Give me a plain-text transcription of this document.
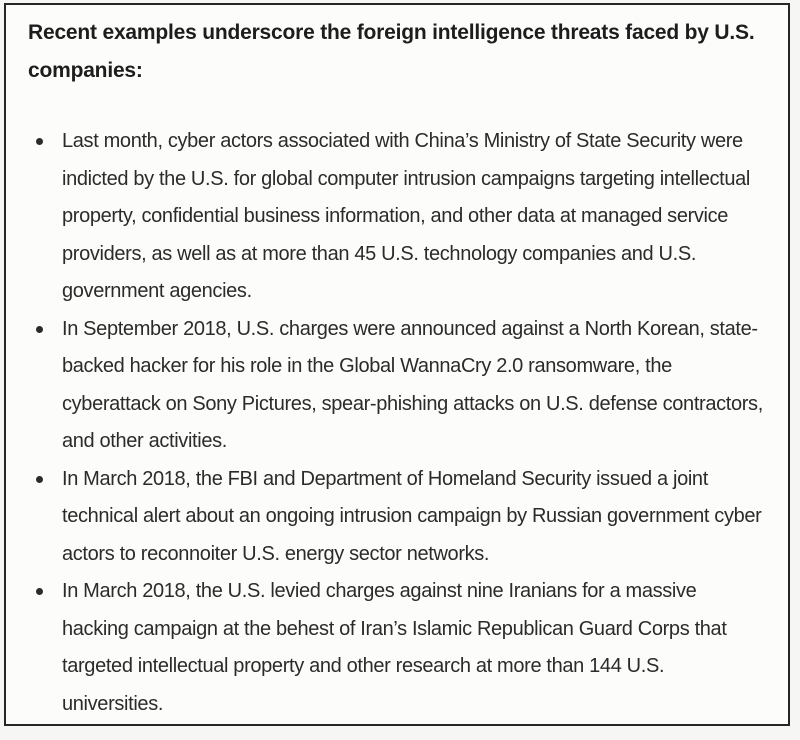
Recent examples underscore the foreign intelligence threats faced by U.S. companies:

Last month, cyber actors associated with China’s Ministry of State Security were indicted by the U.S. for global computer intrusion campaigns targeting intellectual property, confidential business information, and other data at managed service providers, as well as at more than 45 U.S. technology companies and U.S. government agencies.
In September 2018, U.S. charges were announced against a North Korean, state-backed hacker for his role in the Global WannaCry 2.0 ransomware, the cyberattack on Sony Pictures, spear-phishing attacks on U.S. defense contractors, and other activities.
In March 2018, the FBI and Department of Homeland Security issued a joint technical alert about an ongoing intrusion campaign by Russian government cyber actors to reconnoiter U.S. energy sector networks.
In March 2018, the U.S. levied charges against nine Iranians for a massive hacking campaign at the behest of Iran’s Islamic Republican Guard Corps that targeted intellectual property and other research at more than 144 U.S. universities.
